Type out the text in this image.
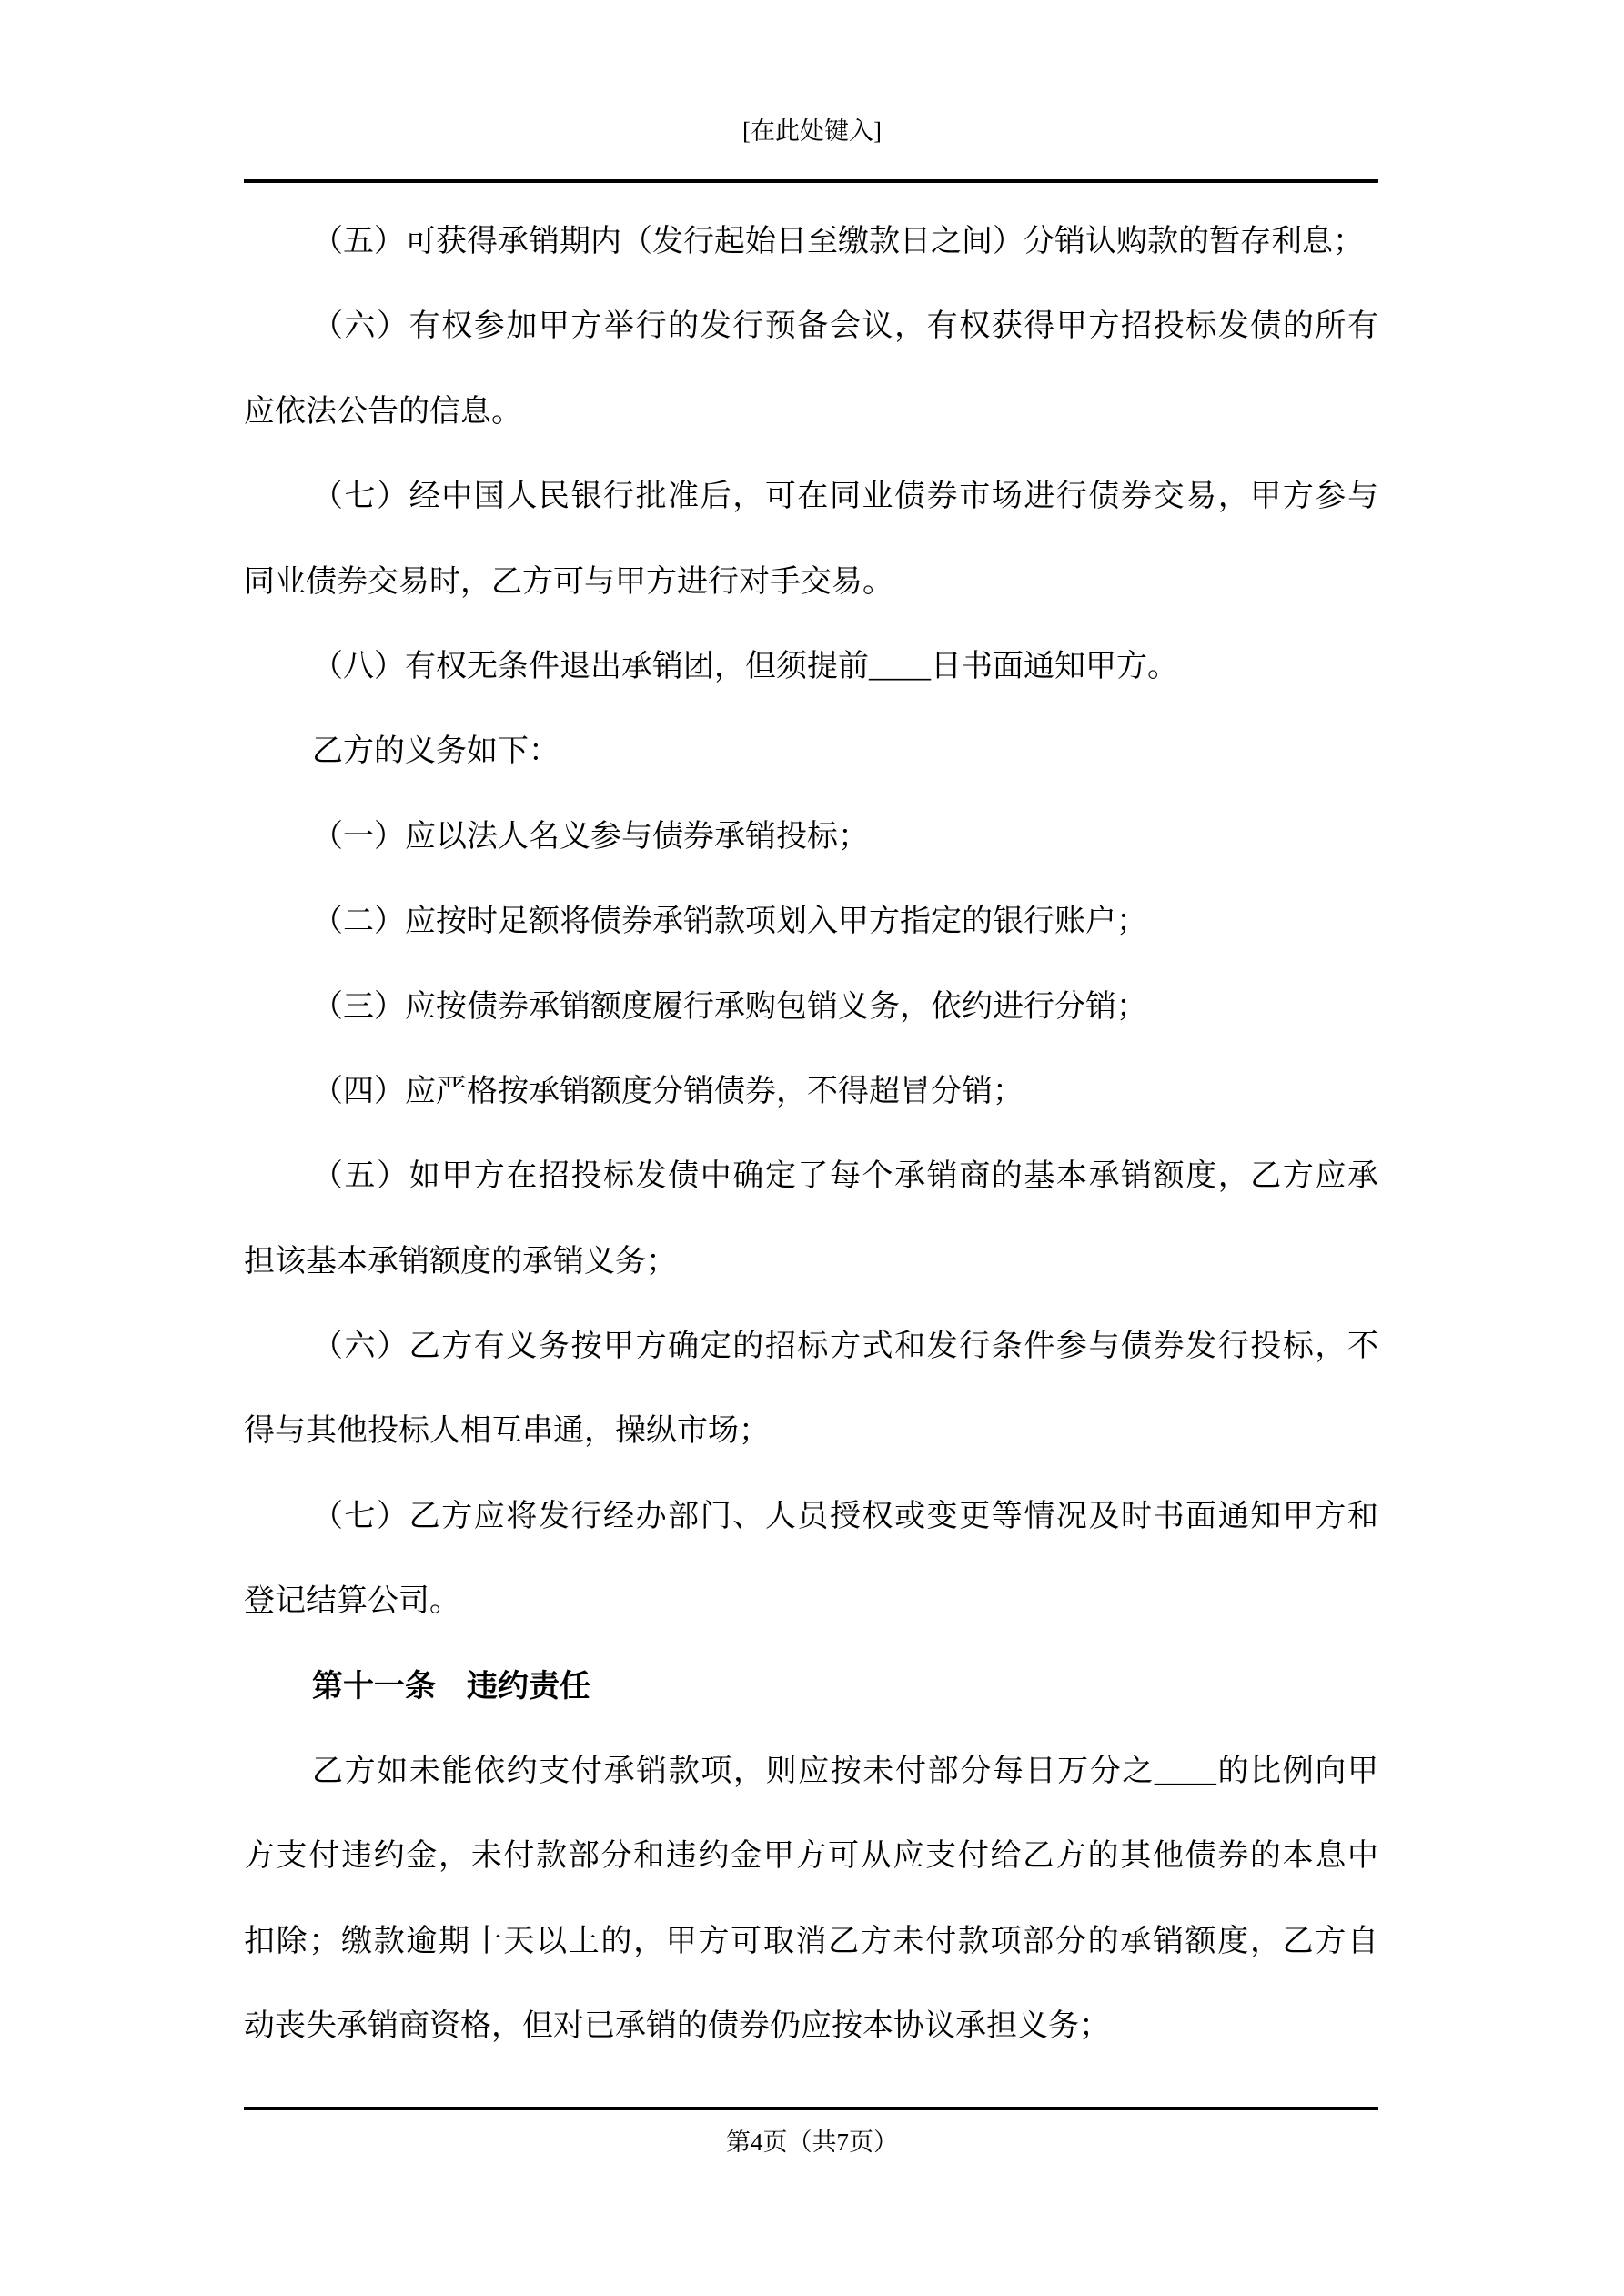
[在此处键入]
（五）可获得承销期内（发行起始日至缴款日之间）分销认购款的暂存利息；
（六）有权参加甲方举行的发行预备会议，有权获得甲方招投标发债的所有
应依法公告的信息。
（七）经中国人民银行批准后，可在同业债券市场进行债券交易，甲方参与
同业债券交易时，乙方可与甲方进行对手交易。
（八）有权无条件退出承销团，但须提前____日书面通知甲方。
乙方的义务如下：
（一）应以法人名义参与债券承销投标；
（二）应按时足额将债券承销款项划入甲方指定的银行账户；
（三）应按债券承销额度履行承购包销义务，依约进行分销；
（四）应严格按承销额度分销债券，不得超冒分销；
（五）如甲方在招投标发债中确定了每个承销商的基本承销额度，乙方应承
担该基本承销额度的承销义务；
（六）乙方有义务按甲方确定的招标方式和发行条件参与债券发行投标，不
得与其他投标人相互串通，操纵市场；
（七）乙方应将发行经办部门、人员授权或变更等情况及时书面通知甲方和
登记结算公司。
第十一条　违约责任
乙方如未能依约支付承销款项，则应按未付部分每日万分之____的比例向甲
方支付违约金，未付款部分和违约金甲方可从应支付给乙方的其他债券的本息中
扣除；缴款逾期十天以上的，甲方可取消乙方未付款项部分的承销额度，乙方自
动丧失承销商资格，但对已承销的债券仍应按本协议承担义务；
第4页（共7页）
